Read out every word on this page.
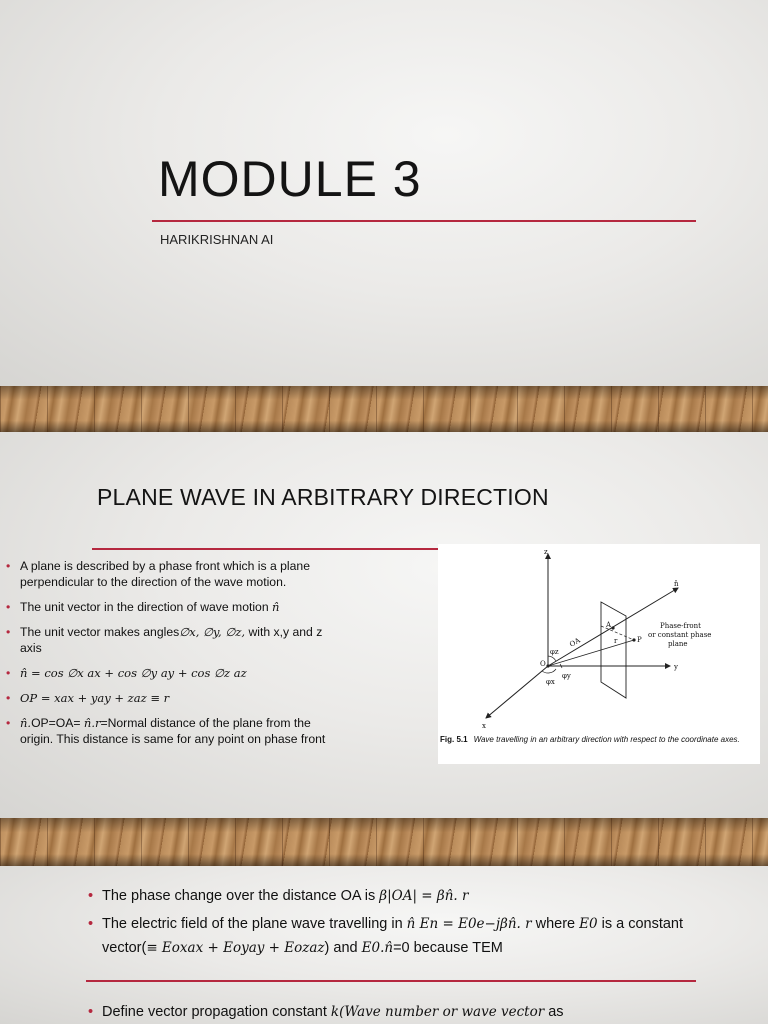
MODULE 3
HARIKRISHNAN AI
PLANE WAVE IN ARBITRARY DIRECTION
• A plane is described by a phase front which is a plane perpendicular to the direction of the wave motion.
• The unit vector in the direction of wave motion n̂
• The unit vector makes angles∅x, ∅y, ∅z, with x,y and z axis
• n̂ = cos ∅x ax + cos ∅y ay + cos ∅z az
• OP = xax + yay + zaz ≡ r
• n̂.OP=OA= n̂.r=Normal distance of the plane from the origin. This distance is same for any point on phase front
z
n̂
OA
A
P
r
O	y
x
φz
φy
φx
Phase-front
or constant phase
plane
Fig. 5.1 Wave travelling in an arbitrary direction with respect to the coordinate axes.
• The phase change over the distance OA is β|OA| = βn̂. r
• The electric field of the plane wave travelling in n̂ En = E0e−jβn̂. r where E0 is a constant vector(≡ Eoxax + Eoyay + Eozaz) and E0.n̂=0 because TEM
• Define vector propagation constant k(Wave number or wave vector as
